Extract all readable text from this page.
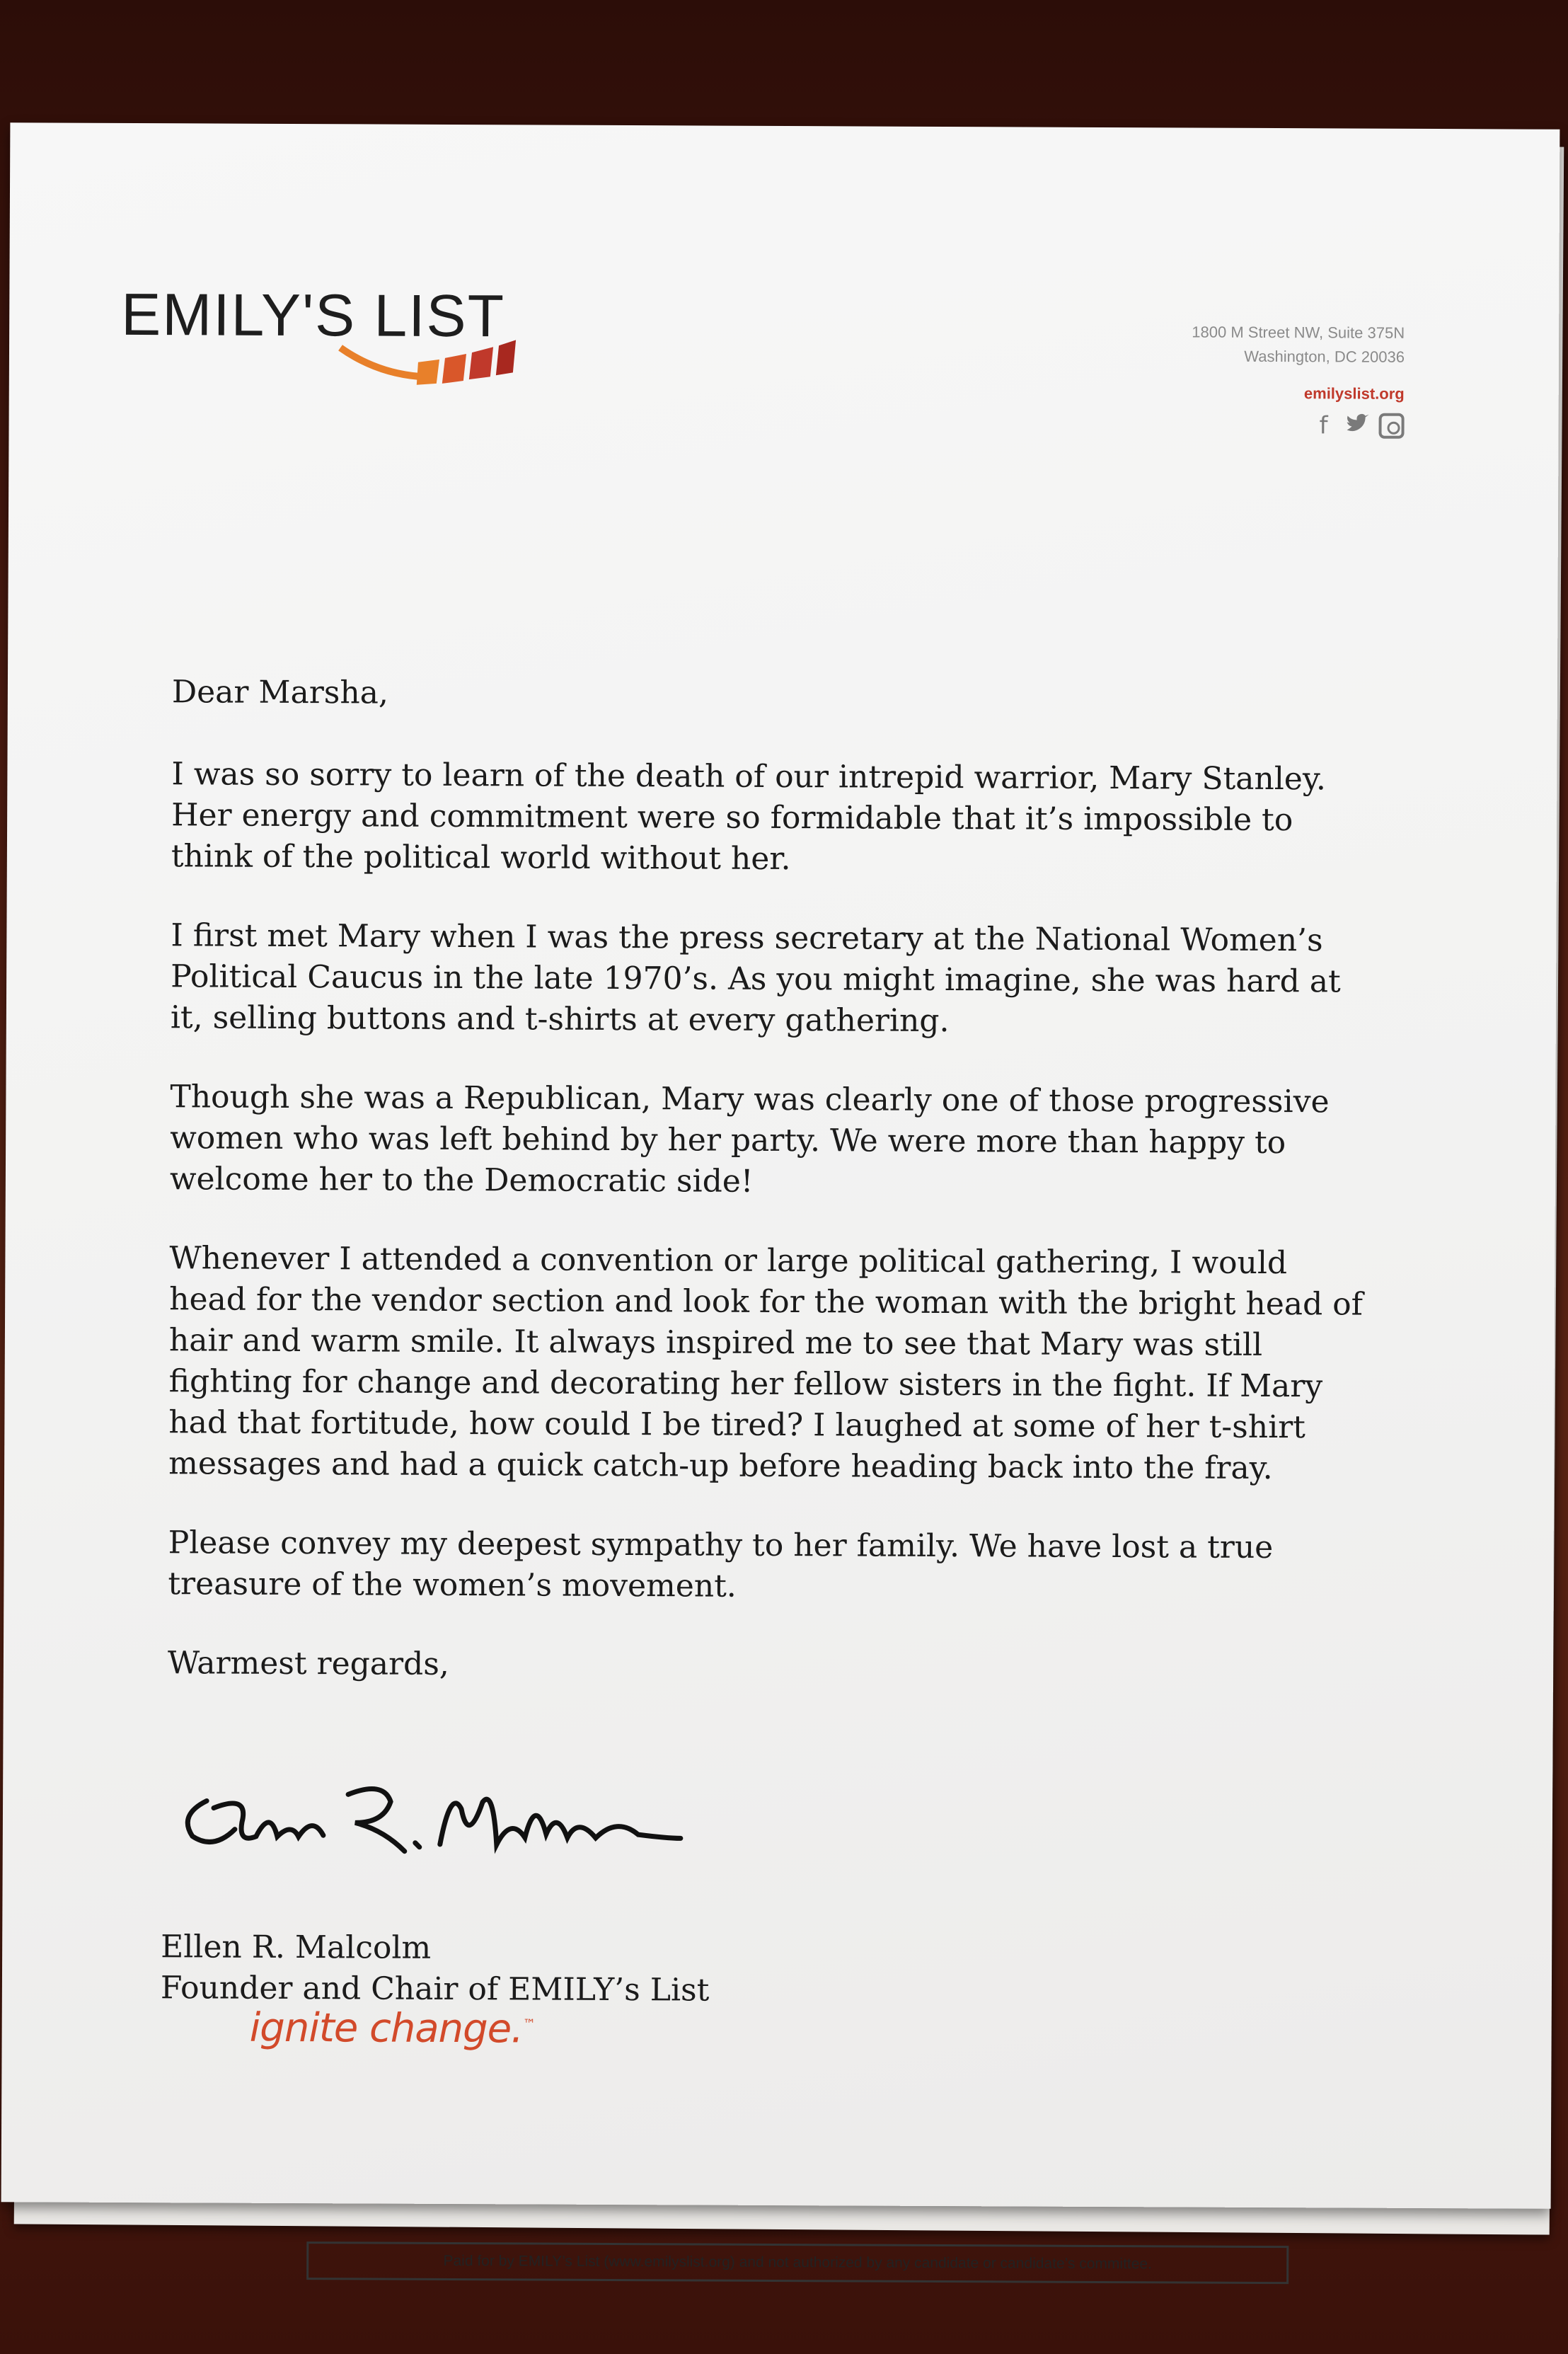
EMILY'S LIST	1800 M Street NW, Suite 375N
Washington, DC 20036
emilyslist.org
f

Dear Marsha,

I was so sorry to learn of the death of our intrepid warrior, Mary Stanley. Her energy and commitment were so formidable that it’s impossible to think of the political world without her.

I first met Mary when I was the press secretary at the National Women’s Political Caucus in the late 1970’s. As you might imagine, she was hard at it, selling buttons and t-shirts at every gathering.

Though she was a Republican, Mary was clearly one of those progressive women who was left behind by her party. We were more than happy to welcome her to the Democratic side!

Whenever I attended a convention or large political gathering, I would head for the vendor section and look for the woman with the bright head of hair and warm smile. It always inspired me to see that Mary was still fighting for change and decorating her fellow sisters in the fight. If Mary had that fortitude, how could I be tired? I laughed at some of her t-shirt messages and had a quick catch-up before heading back into the fray.

Please convey my deepest sympathy to her family. We have lost a true treasure of the women’s movement.

Warmest regards,

Ellen R. Malcolm
Founder and Chair of EMILY’s List
ignite change.™
Paid for by EMILY’s List (www.emilyslist.org) and not authorized by any candidate or candidate’s committee.
